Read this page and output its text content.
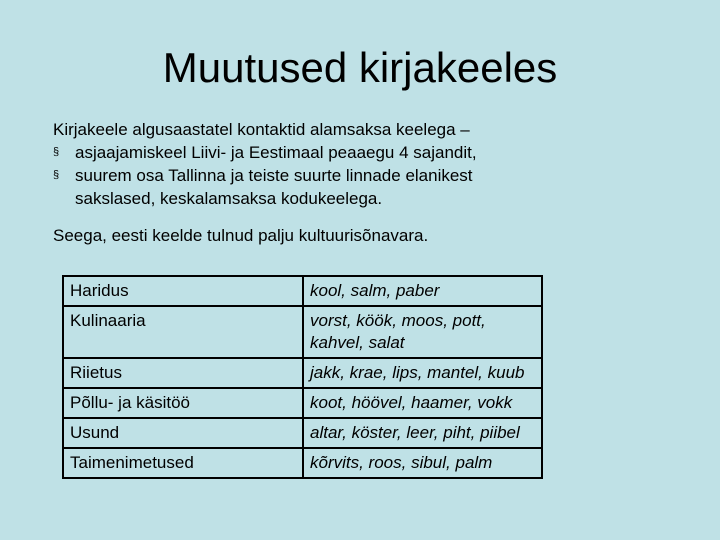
Muutused kirjakeeles
Kirjakeele algusaastatel kontaktid alamsaksa keelega –
§ asjaajamiskeel Liivi- ja Eestimaal peaaegu 4 sajandit,
§ suurem osa Tallinna ja teiste suurte linnade elanikest sakslased, keskalamsaksa kodukeelega.
Seega, eesti keelde tulnud palju kultuurisõnavara.
Haridus	kool, salm, paber
Kulinaaria	vorst, köök, moos, pott, kahvel, salat
Riietus	jakk, krae, lips, mantel, kuub
Põllu- ja käsitöö	koot, höövel, haamer, vokk
Usund	altar, köster, leer, piht, piibel
Taimenimetused	kõrvits, roos, sibul, palm
